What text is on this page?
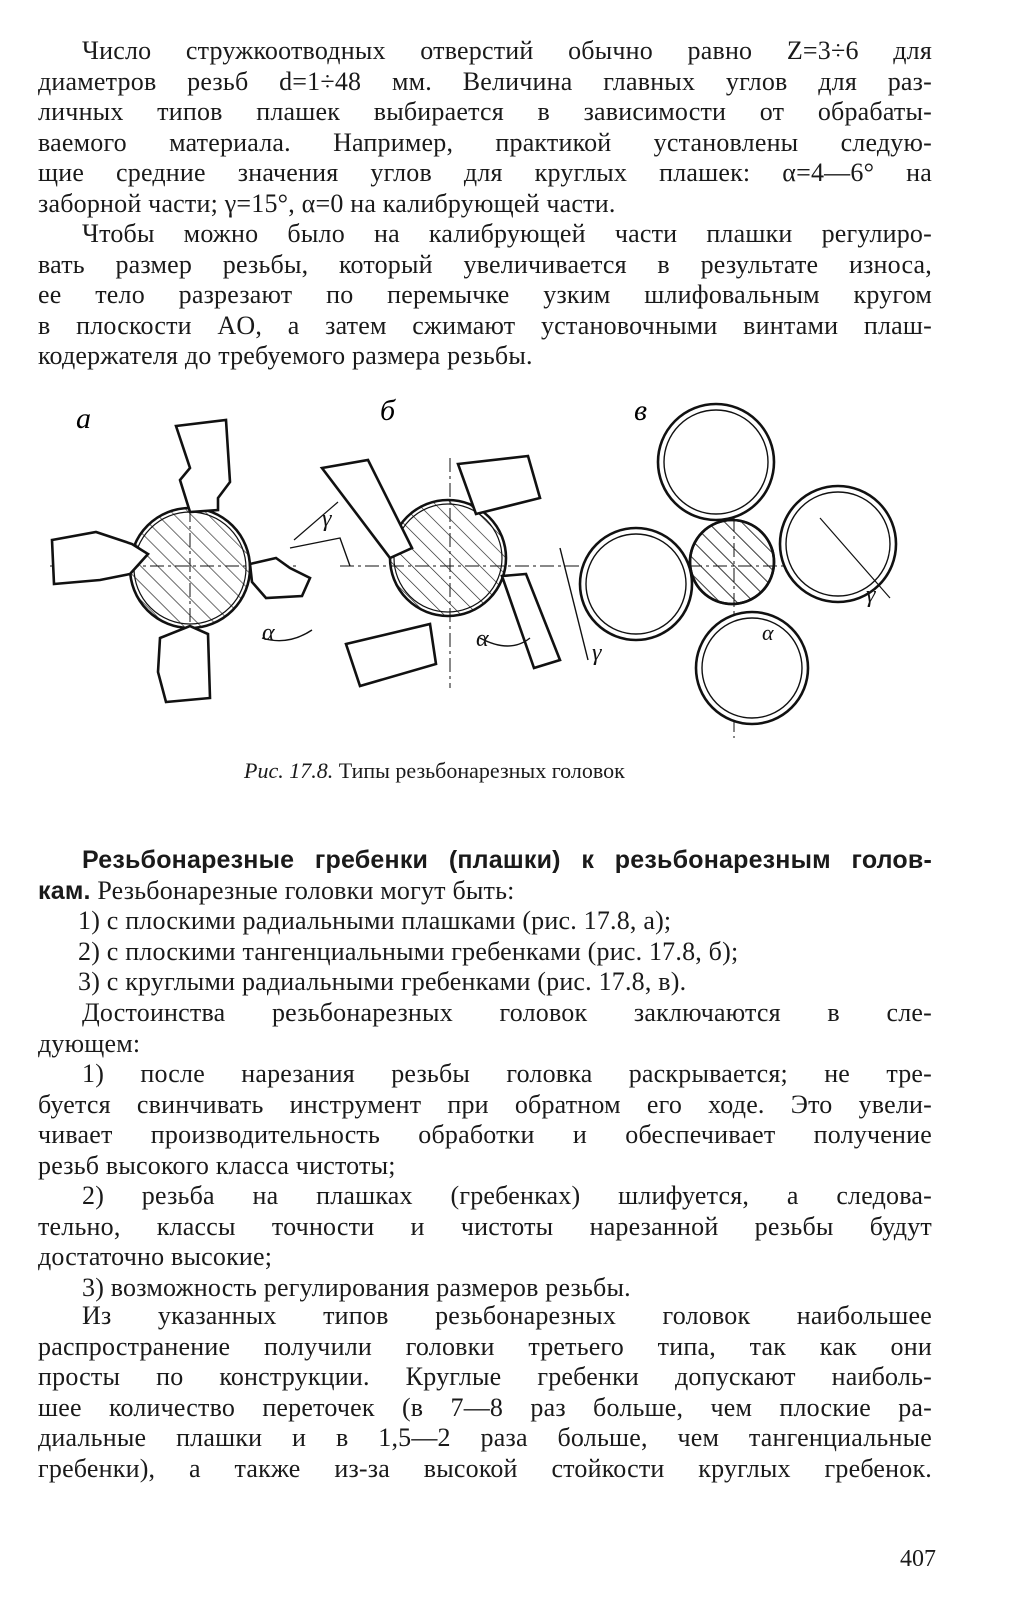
Число стружкоотводных отверстий обычно равно Z=3÷6 для
диаметров резьб d=1÷48 мм. Величина главных углов для раз-
личных типов плашек выбирается в зависимости от обрабаты-
ваемого материала. Например, практикой установлены следую-
щие средние значения углов для круглых плашек: α=4—6° на
заборной части; γ=15°, α=0 на калибрующей части.
Чтобы можно было на калибрующей части плашки регулиро-
вать размер резьбы, который увеличивается в результате износа,
ее тело разрезают по перемычке узким шлифовальным кругом
в плоскости AO, а затем сжимают установочными винтами плаш-
кодержателя до требуемого размера резьбы.
а	б	в
α
γ
α
γ
γ
α
Рис. 17.8. Типы резьбонарезных головок
Резьбонарезные гребенки (плашки) к резьбонарезным голов-
кам. Резьбонарезные головки могут быть:
1) с плоскими радиальными плашками (рис. 17.8, а);
2) с плоскими тангенциальными гребенками (рис. 17.8, б);
3) с круглыми радиальными гребенками (рис. 17.8, в).
Достоинства резьбонарезных головок заключаются в сле-
дующем:
1) после нарезания резьбы головка раскрывается; не тре-
буется свинчивать инструмент при обратном его ходе. Это увели-
чивает производительность обработки и обеспечивает получение
резьб высокого класса чистоты;
2) резьба на плашках (гребенках) шлифуется, а следова-
тельно, классы точности и чистоты нарезанной резьбы будут
достаточно высокие;
3) возможность регулирования размеров резьбы.
Из указанных типов резьбонарезных головок наибольшее
распространение получили головки третьего типа, так как они
просты по конструкции. Круглые гребенки допускают наиболь-
шее количество переточек (в 7—8 раз больше, чем плоские ра-
диальные плашки и в 1,5—2 раза больше, чем тангенциальные
гребенки), а также из-за высокой стойкости круглых гребенок.
407
